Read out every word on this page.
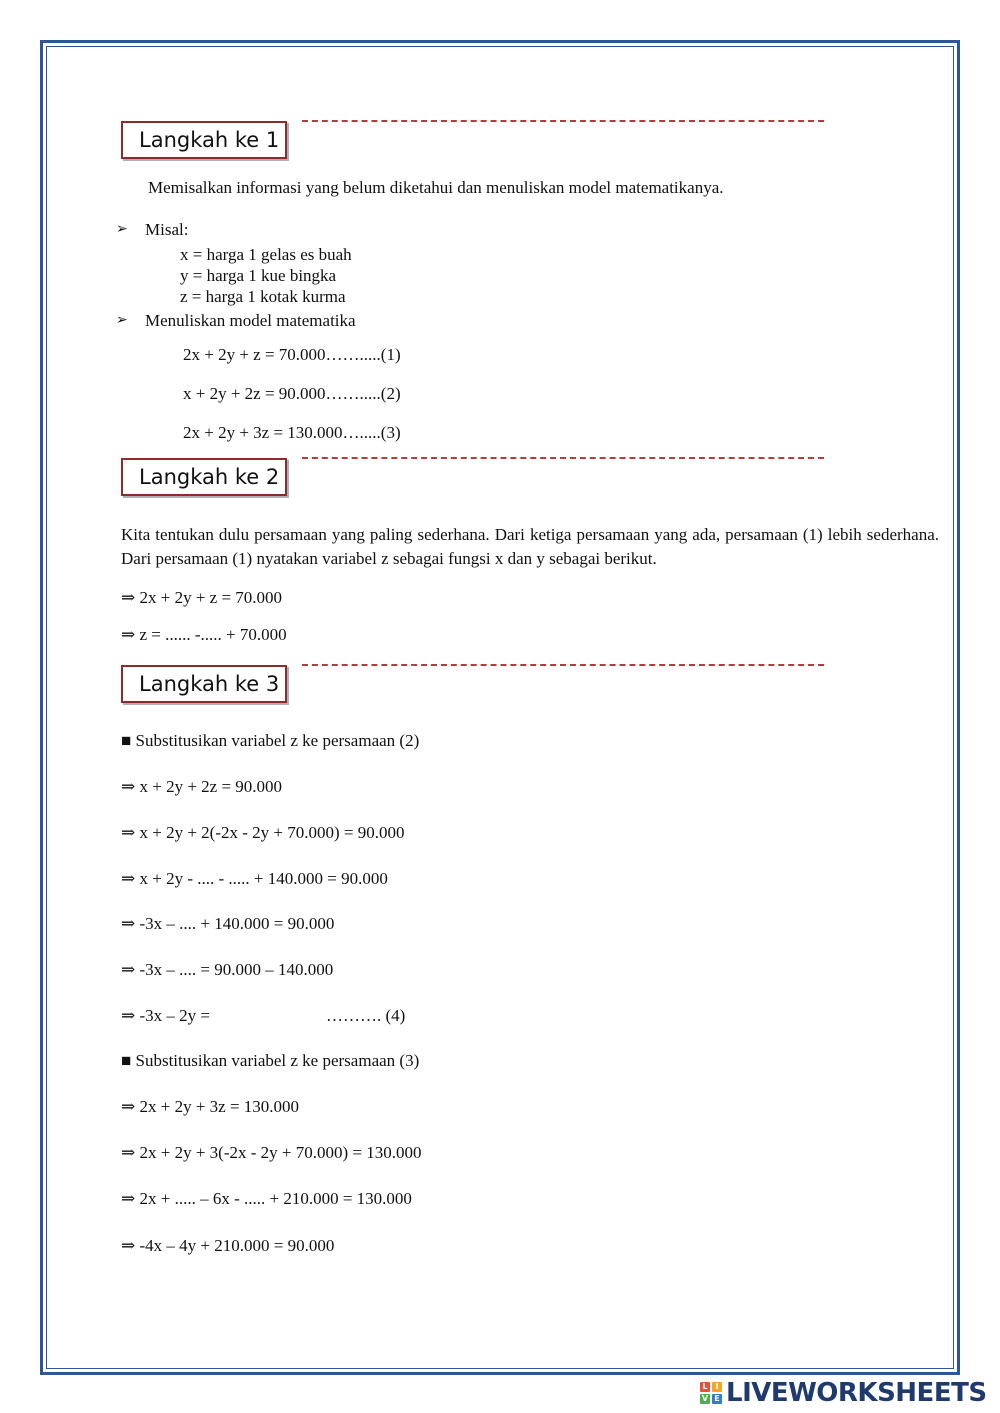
Langkah ke 1
Memisalkan informasi yang belum diketahui dan menuliskan model matematikanya.
➢ Misal:
x = harga 1 gelas es buah
y = harga 1 kue bingka
z = harga 1 kotak kurma
➢ Menuliskan model matematika
2x + 2y + z = 70.000…….....(1)
x + 2y + 2z = 90.000…….....(2)
2x + 2y + 3z = 130.000….....(3)
Langkah ke 2
Kita tentukan dulu persamaan yang paling sederhana. Dari ketiga persamaan yang ada, persamaan (1) lebih sederhana. Dari persamaan (1) nyatakan variabel z sebagai fungsi x dan y sebagai berikut.
⇒ 2x + 2y + z = 70.000
⇒ z = ...... -..... + 70.000
Langkah ke 3
■ Substitusikan variabel z ke persamaan (2)
⇒ x + 2y + 2z = 90.000
⇒ x + 2y + 2(-2x - 2y + 70.000) = 90.000
⇒ x + 2y - .... - ..... + 140.000 = 90.000
⇒ -3x – .... + 140.000 = 90.000
⇒ -3x – .... = 90.000 – 140.000
⇒ -3x – 2y =	………. (4)
■ Substitusikan variabel z ke persamaan (3)
⇒ 2x + 2y + 3z = 130.000
⇒ 2x + 2y + 3(-2x - 2y + 70.000) = 130.000
⇒ 2x + ..... – 6x - ..... + 210.000 = 130.000
⇒ -4x – 4y + 210.000 = 90.000
L I
V E LIVEWORKSHEETS
